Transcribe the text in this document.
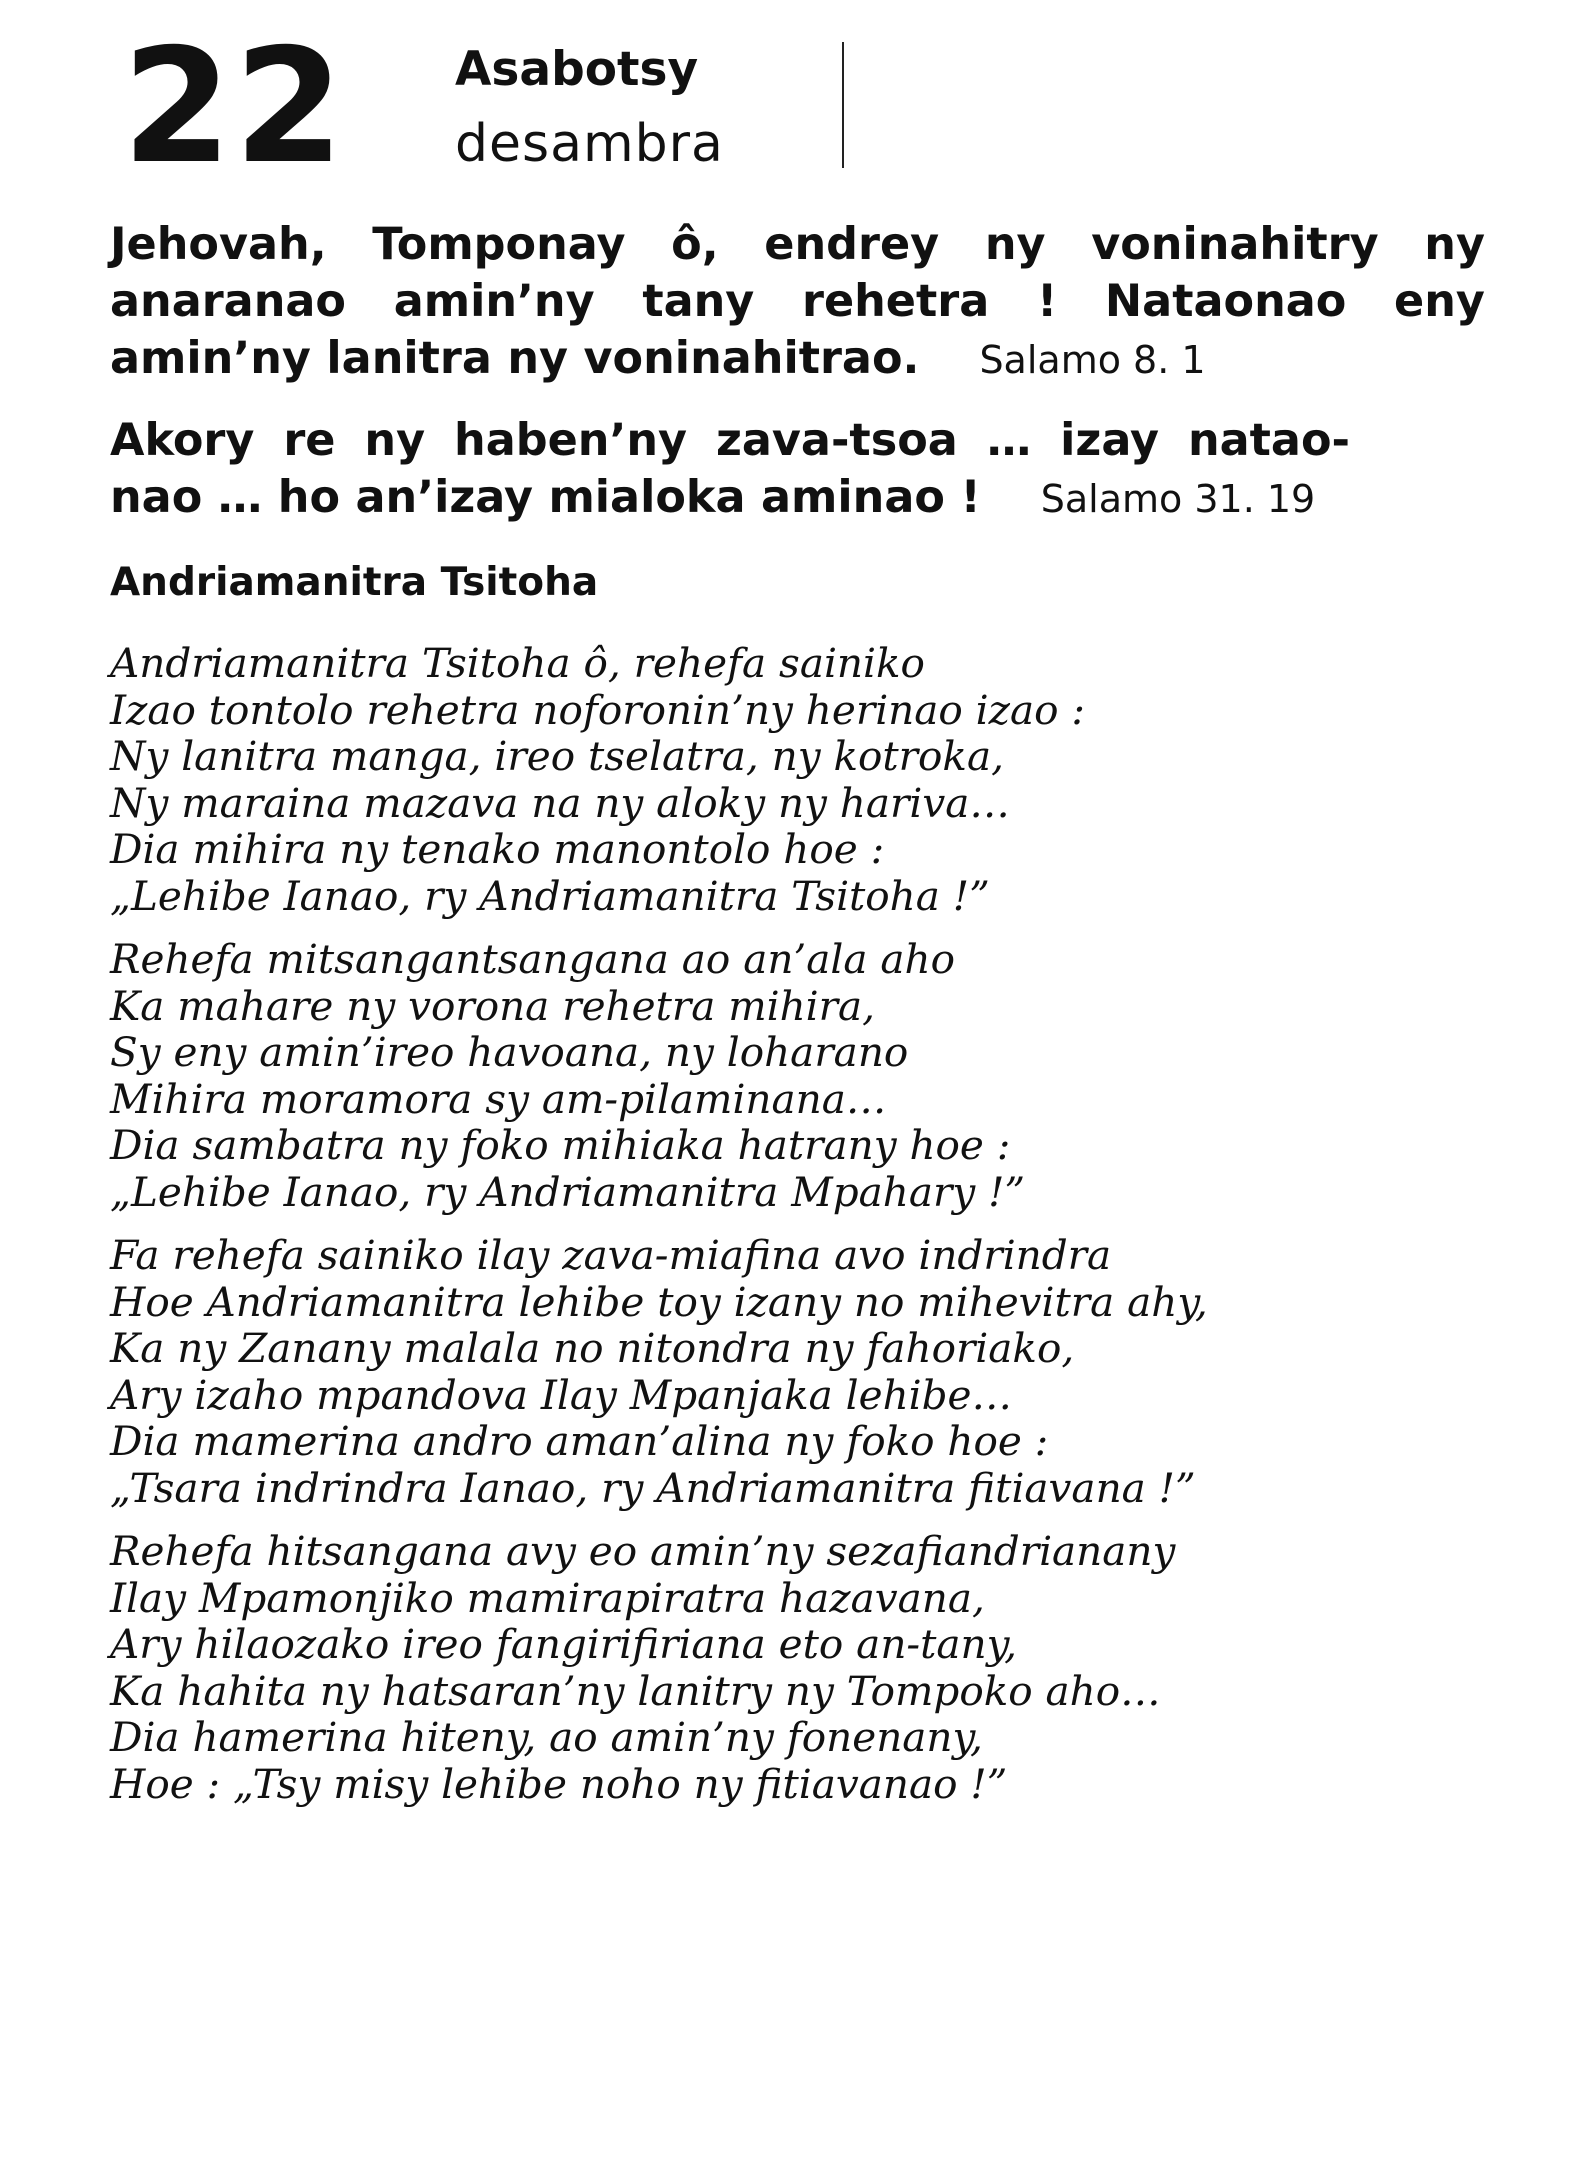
22 Asabotsy
desambra
Jehovah, Tomponay ô, endrey ny voninahitry ny
anaranao amin’ny tany rehetra ! Nataonao eny
amin’ny lanitra ny voninahitrao. Salamo 8. 1
Akory re ny haben’ny zava-tsoa … izay natao-
nao … ho an’izay mialoka aminao ! Salamo 31. 19
Andriamanitra Tsitoha
Andriamanitra Tsitoha ô, rehefa sainiko
Izao tontolo rehetra noforonin’ny herinao izao :
Ny lanitra manga, ireo tselatra, ny kotroka,
Ny maraina mazava na ny aloky ny hariva…
Dia mihira ny tenako manontolo hoe :
„Lehibe Ianao, ry Andriamanitra Tsitoha !”
Rehefa mitsangantsangana ao an’ala aho
Ka mahare ny vorona rehetra mihira,
Sy eny amin’ireo havoana, ny loharano
Mihira moramora sy am-pilaminana…
Dia sambatra ny foko mihiaka hatrany hoe :
„Lehibe Ianao, ry Andriamanitra Mpahary !”
Fa rehefa sainiko ilay zava-miafina avo indrindra
Hoe Andriamanitra lehibe toy izany no mihevitra ahy,
Ka ny Zanany malala no nitondra ny fahoriako,
Ary izaho mpandova Ilay Mpanjaka lehibe…
Dia mamerina andro aman’alina ny foko hoe :
„Tsara indrindra Ianao, ry Andriamanitra fitiavana !”
Rehefa hitsangana avy eo amin’ny sezafiandrianany
Ilay Mpamonjiko mamirapiratra hazavana,
Ary hilaozako ireo fangirifiriana eto an-tany,
Ka hahita ny hatsaran’ny lanitry ny Tompoko aho…
Dia hamerina hiteny, ao amin’ny fonenany,
Hoe : „Tsy misy lehibe noho ny fitiavanao !”
